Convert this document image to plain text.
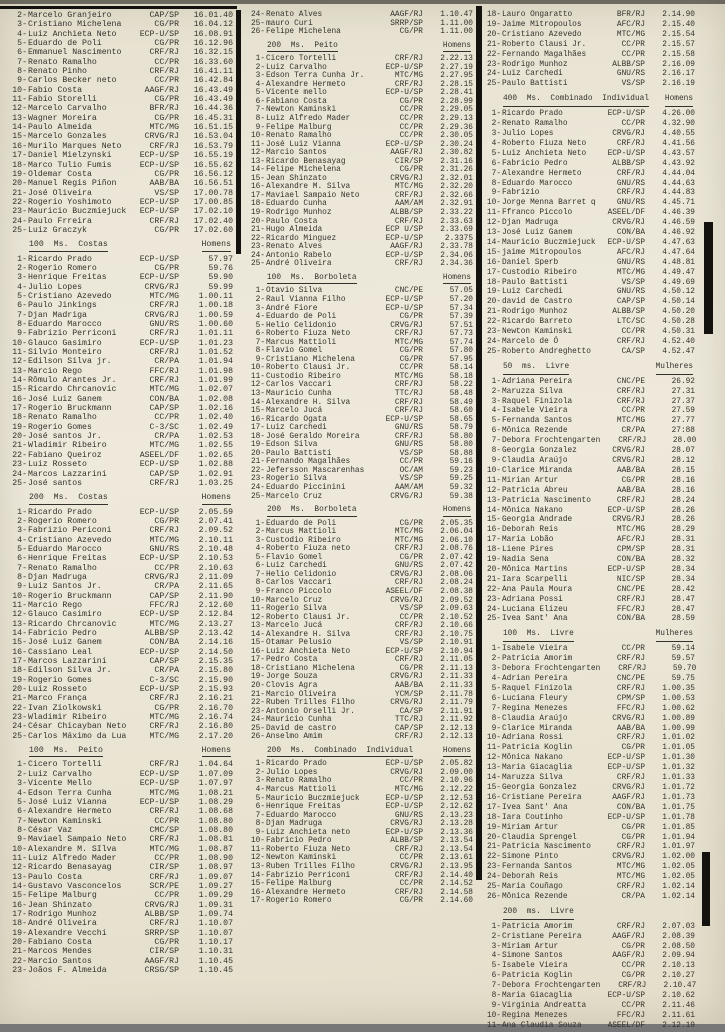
2- Marcelo Granjeiro	CAP/SP	16.01.40
3- Cristiano Michelena	CG/PR	16.04.12
4- Luiz Anchieta Neto	ECP-U/SP	16.08.91
5- Eduardo de Poli	CG/PR	16.12.96
6- Emmanuel Nascimento	CRF/RJ	16.32.15
7- Renato Ramalho	CC/PR	16.33.60
8- Renato Pinho	CRF/RJ	16.41.11
9- Carlos Becker neto	CC/PR	16.42.84
10- Fabio Costa	AAGF/RJ	16.43.49
11- Fabio Storelli	CG/PR	16.43.49
12- Marcelo Carvalho	BFR/RJ	16.44.36
13- Wagner Moreira	CG/PR	16.45.31
14- Paulo Almeida	MTC/MG	16.51.15
15- Marcelo Gonzales	CRVG/RJ	16.53.04
16- Murilo Marques Neto	CRF/RJ	16.53.79
17- Daniel Mielzynski	ECP-U/SP	16.55.19
18- Marco Tulio Fumis	ECP-U/SP	16.55.62
19- Oldemar Costa	CG/PR	16.56.12
20- Manuel Regis Piñon	AAB/BA	16.56.51
21- José Oliveira	VS/SP	17.00.78
22- Rogerio Yoshimoto	ECP-U/SP	17.00.85
23- Mauricio Buczmiejuck	ECP-U/SP	17.02.10
24- Paulo Frreira	CRF/RJ	17.02.40
25- Luiz Graczyk	CG/PR	17.02.60
100 Ms. Costas	Homens
1- Ricardo Prado	ECP-U/SP	57.97
2- Rogerio Romero	CG/PR	59.76
3- Henrique Freitas	ECP-U/SP	59.90
4- Julio Lopes	CRVG/RJ	59.99
5- Cristiano Azevedo	MTC/MG	1.00.11
6- Paulo Jinkings	CRF/RJ	1.00.18
7- Djan Madriga	CRVG/RJ	1.00.59
8- Eduardo Marocco	GNU/RS	1.00.60
9- Fabrizio Perriconi	CRF/RJ	1.01.11
10- Glauco Gasimiro	ECP-U/SP	1.01.23
11- Silvio Monteiro	CRF/RJ	1.01.52
12- Edilson Silva jr.	CR/PA	1.01.94
13- Marcio Rego	FFC/RJ	1.01.98
14- Rômulo Arantes Jr.	CRF/RJ	1.01.99
15- Ricardo Chrcanovic	MTC/MG	1.02.07
16- José Luiz Ganem	CON/BA	1.02.08
17- Rogerio Bruckmann	CAP/SP	1.02.16
18- Renato Ramalho	CC/PR	1.02.40
19- Rogerio Gomes	C-3/SC	1.02.49
20- José santos Jr.	CR/PA	1.02.53
21- Wladimir Ribeiro	MTC/MG	1.02.55
22- Fabiano Queiroz	ASEEL/DF	1.02.65
23- Luiz Rosseto	ECP-U/SP	1.02.88
24- Marcos Lazzarini	CAP/SP	1.02.91
25- José santos	CRF/RJ	1.03.25
200 Ms. Costas	Homens
1- Ricardo Prado	ECP-U/SP	2.05.59
2- Rogerio Romero	CG/PR	2.07.41
3- Fabrizio Periconi	CRF/RJ	2.09.52
4- Cristiano Azevedo	MTC/MG	2.10.11
5- Eduardo Marocco	GNU/RS	2.10.48
6- Henrique Freitas	ECP-U/SP	2.10.53
7- Renato Ramalho	CC/PR	2.10.63
8- Djan Madruga	CRVG/RJ	2.11.09
9- Luiz Santos Jr.	CR/PA	2.11.65
10- Rogerio Bruckmann	CAP/SP	2.11.90
11- Marcio Rego	FFC/RJ	2.12.60
12- Glauco Casimiro	ECP-U/SP	2.12.84
13- Ricardo Chrcanovic	MTC/MG	2.13.27
14- Fabricio Pedro	ALBB/SP	2.13.42
15- José Luiz Ganem	CON/BA	2.14.16
16- Cassiano Leal	ECP-U/SP	2.14.50
17- Marcos Lazzarini	CAP/SP	2.15.35
18- Edilson Silva Jr.	CR/PA	2.15.80
19- Rogerio Gomes	C-3/SC	2.15.90
20- Luiz Rosseto	ECP-U/SP	2.15.93
21- Marco França	CRF/RJ	2.16.21
22- Ivan Ziolkowski	CG/PR	2.16.70
23- Wladimir Ribeiro	MTC/MG	2.16.74
24- César Chicayban Neto	CRF/RJ	2.16.80
25- Carlos Máximo da Lua	MTC/MG	2.17.20
100 Ms. Peito	Homens
1- Cicero Tortelli	CRF/RJ	1.04.64
2- Luiz Carvalho	ECP-U/SP	1.07.09
3- Vicente Mello	ECP-U/SP	1.07.97
4- Edson Terra Cunha	MTC/MG	1.08.21
5- José Luiz Vianna	ECP-U/SP	1.08.29
6- Alexandre Hermeto	CRF/RJ	1.08.68
7- Newton Kaminski	CC/PR	1.08.80
8- César Vaz	CMC/SP	1.08.80
9- Maviael Sampaio Neto	CRF/RJ	1.08.81
10- Alexandre M. SIlva	MTC/MG	1.08.87
11- Luiz Alfredo Mader	CC/PR	1.08.90
12- Ricardo Benasayag	CIR/SP	1.08.97
13- Paulo Costa	CRF/RJ	1.09.07
14- Gustavo Vasconcelos	SCR/PE	1.09.27
15- Felipe Malburg	CC/PR	1.09.29
16- Jean Shinzato	CRVG/RJ	1.09.31
17- Rodrigo Munhoz	ALBB/SP	1.09.74
18- André Oliveira	CRF/RJ	1.10.07
19- Alexandre Vecchi	SRRP/SP	1.10.07
20- Fabiano Costa	CG/PR	1.10.17
21- Marcos Mendes	CIR/SP	1.10.31
22- Marcio Santos	AAGF/RJ	1.10.45
23- Joãos F. Almeida	CRSG/SP	1.10.45
24- Renato Alves	AAGF/RJ	1.10.47
25- mauro Curi	SRRP/SP	1.11.00
26- Felipe Michelena	CG/PR	1.11.00
200 Ms. Peito	Homens
1- Cicero Tortelli	CRF/RJ	2.22.13
2- Luiz Carvalho	ECP-U/SP	2.27.19
3- Edson Terra Cunha Jr.	MTC/MG	2.27.95
4- Alexandre Hermeto	CRF/RJ	2.28.15
5- Vicente mello	ECP-U/SP	2.28.41
6- Fabiano Costa	CG/PR	2.28.99
7- Newton Kaminski	CC/PR	2.29.05
8- Luiz Alfredo Mader	CC/PR	2.29.13
9- Felipe Malburg	CC/PR	2.29.36
10- Renato Ramalho	CC/PR	2.30.05
11- José Luiz Vianna	ECP-U/SP	2.30.24
12- Marcio Santos	AAGF/RJ	2.30.82
13- Ricardo Benasayag	CIR/SP	2.31.16
14- Felipe Michelena	CG/PR	2.31.26
15- Jean Shinzato	CRVG/RJ	2.32.01
16- Alexandre M. Silva	MTC/MG	2.32.20
17- Maviael Sampaio Neto	CRF/RJ	2.32.66
18- Eduardo Cunha	AAM/AM	2.32.91
19- Rodrigo Munhoz	ALBB/SP	2.33.22
20- Paulo Costa	CRF/RJ	2.33.63
21- Hugo Almeida	ECP U/SP	2.33.69
22- Ricardo Minguez	ECP-U/SP	2.3375
23- Renato Alves	AAGF/RJ	2.33.78
24- Antonio Rabelo	ECP-U/SP	2.34.06
25- André Oliveira	CRF/RJ	2.34.36
100 Ms. Borboleta	Homens
1- Otavio Silva	CNC/PE	57.05
2- Raul Vianna Filho	ECP-U/SP	57.20
3- André Fiore	ECP-U/SP	57.34
4- Eduardo de Poli	CG/PR	57.39
5- Helio Celidonio	CRVG/RJ	57.51
6- Roberto Fiuza Neto	CRF/RJ	57.73
7- Marcus Mattioli	MTC/MG	57.74
8- Flavio Gomel	CG/PR	57.80
9- Cristiano Michelena	CG/PR	57.95
10- Roberto Clausi Jr.	CC/PR	58.14
11- Custodio Ribeiro	MTC/MG	58.18
12- Carlos Vaccari	CRF/RJ	58.22
13- Mauricio Cunha	TTC/RJ	58.48
14- Alexandre H. Silva	CRF/RJ	58.49
15- Marcelo Jucá	CRF/RJ	58.60
16- Ricardo Ogata	ECP-U/SP	58.65
17- Luiz Carchedi	GNU/RS	58.79
18- José Geraldo Moreira	CRF/RJ	58.80
19- Edson Silva	GNU/RS	58.80
20- Paulo Battisti	VS/SP	58.88
21- Fernando Magalhães	CC/PR	59.16
22- Jefersson Mascarenhas	OC/AM	59.23
23- Rogerio Silva	VS/SP	59.25
24- Eduardo Piccinini	AAM/AM	59.32
25- Marcelo Cruz	CRVG/RJ	59.38
200 Ms. Borboleta	Homens
1- Eduardo de Poli	CG/PR	2.05.35
2- Marcus Mattioli	MTC/MG	2.06.04
3- Custodio Ribeiro	MTC/MG	2.06.10
4- Roberto Fiuza neto	CRF/RJ	2.08.76
5- Flavio Gomel	CG/PR	2.07.42
6- Luiz Carchedi	GNU/RS	2.07.42
7- Helio Celidonio	CRVG/RJ	2.08.06
8- Carlos Vaccari	CRF/RJ	2.08.24
9- Franco Piccolo	ASEEL/DF	2.08.38
10- Marcelo Cruz	CRVG/RJ	2.09.52
11- Rogerio Silva	VS/SP	2.09.63
12- Roberto Clausi Jr.	CC/PR	2.10.52
13- Marcelo Jucá	CRF/RJ	2.10.66
14- Alexandre H. Silva	CRF/RJ	2.10.75
15- Otamar Pelusio	VS/SP	2.10.91
16- Luiz Anchieta Neto	ECP-U/SP	2.10.94
17- Pedro Costa	CRF/RJ	2.11.05
18- Cristiano Michelena	CG/PR	2.11.13
19- Jorge Souza	CRVG/RJ	2.11.33
20- Clovis Agra	AAB/BA	2.11.33
21- Marcio Oliveira	YCM/SP	2.11.78
22- Ruben Trilles Filho	CRVG/RJ	2.11.79
23- Antonio Orselli Jr.	CA/SP	2.11.91
24- Mauricio Cunha	TTC/RJ	2.11.92
25- David de castro	CAP/SP	2.12.13
26- Anselmo Amim	CRF/RJ	2.12.13
200 Ms. Combinado Individual	Homens
1- Ricardo Prado	ECP-U/SP	2.05.82
2- Julio Lopes	CRVG/RJ	2.09.00
3- Renato Ramalho	CC/PR	2.10.96
4- Marcus Mattioli	MTC/MG	2.12.22
5- Mauricio Buczmiejuck	ECP-U/SP	2.12.53
6- Henrique Freitas	ECP-U/SP	2.12.62
7- Eduardo Marocco	GNU/RS	2.13.23
8- Djan Madruga	CRVG/RJ	2.13.28
9- Luiz Anchieta neto	ECP-U/SP	2.13.36
10- Fabricio Pedro	ALBB/SP	2.13.54
11- Roberto Fiuza Neto	CRF/RJ	2.13.54
12- Newton Kaminski	CC/PR	2.13.61
13- Ruben Trilles Filho	CRVG/RJ	2.13.95
14- Fabrizio Perriconi	CRF/RJ	2.14.40
15- Felipe Malburg	CC/PR	2.14.52
16- Alexandre Hermeto	CRF/RJ	2.14.58
17- Rogerio Romero	CG/PR	2.14.60
18- Lauro Ongaratto	BFR/RJ	2.14.90
19- Jaime Mitropoulos	AFC/RJ	2.15.40
20- Cristiano Azevedo	MTC/MG	2.15.54
21- Roberto Clausi Jr.	CC/PR	2.15.57
22- Fernando Magalhães	CC/PR	2.15.58
23- Rodrigo Munhoz	ALBB/SP	2.16.09
24- Luiz Carchedi	GNU/RS	2.16.17
25- Paulo Battisti	VS/SP	2.16.19
400 Ms. Combinado Individual Homens
1- Ricardo Prado	ECP-U/SP	4.26.00
2- Renato Ramalho	CC/PR	4.32.90
3- Julio Lopes	CRVG/RJ	4.40.55
4- Roberto Fiuza Neto	CRF/RJ	4.41.56
5- Luiz Anchieta Neto	ECP-U/SP	4.43.57
6- Fabricio Pedro	ALBB/SP	4.43.92
7- Alexandre Hermeto	CRF/RJ	4.44.04
8- Eduardo Marocco	GNU/RS	4.44.63
9- Fabrizio	CRF/RJ	4.44.83
10- Jorge Menna Barret q	GNU/RS	4.45.71
11- Ffranco Piccolo	ASEEL/DF	4.46.39
12- Djan Madruga	CRVG/RJ	4.46.59
13- José Luiz Ganem	CON/BA	4.46.92
14- Mauricio Buczmiejuck	ECP-U/SP	4.47.63
15- jaime Mitropoulos	AFC/RJ	4.47.64
16- Daniel Sperb	GNU/RS	4.48.81
17- Custodio Ribeiro	MTC/MG	4.49.47
18- Paulo Battisti	VS/SP	4.49.69
19- Luiz Carchedi	GNU/RS	4.50.12
20- david de Castro	CAP/SP	4.50.14
21- Rodrigo Munhoz	ALBB/SP	4.50.20
22- Ricardo Barreto	LTC/SC	4.50.28
23- Newton Kaminski	CC/PR	4.50.31
24- Marcelo de Ó	CRF/RJ	4.52.40
25- Roberto Andreghetto	CA/SP	4.52.47
50 ms. Livre	Mulheres
1- Adriana Pereira	CNC/PE	26.92
2- Maruzza Silva	CRF/RJ	27.31
3- Raquel Finizola	CRF/RJ	27.37
4- Isabele Vieira	CC/PR	27.59
5- Fernanda Santos	MTC/MG	27.77
6- Mônica Rezende	CR/PA	27:88
7- Debora Frochtengarten	CRF/RJ	28.00
8- Georgia Gonzalez	CRVG/RJ	28.07
9- Claudia Araújo	CRVG/RJ	28.12
10- Clarice Miranda	AAB/BA	28.15
11- Mirian Artur	CG/PR	28.16
12- Patricia Abreu	AAB/BA	28.16
13- Patricia Nascimento	CRF/RJ	28.24
14- Mônica Nakano	ECP-U/SP	28.26
15- Georgia Andrade	CRVG/RJ	28.26
16- Deborah Reis	MTC/MG	28.29
17- Maria Lobão	AFC/RJ	28.31
18- Liene Pires	CPM/SP	28.31
19- Nadia Sena	CON/BA	28.32
20- Mônica Martins	ECP-U/SP	28.34
21- Iara Scarpelli	NIC/SP	28.34
22- Ana Paula Moura	CNC/PE	28.42
23- Adriana Possi	CRF/RJ	28.47
24- Luciana Elizeu	FFC/RJ	28.47
25- Ivea Sant' Ana	CON/BA	28.59
100 Ms. Livre	Mulheres
1- Isabele Vieira	CC/PR	59.14
2- Patricia Amorim	CRF/RJ	59.57
3- Debora Frochtengarten	CRF/RJ	59.70
4- Adrian Pereira	CNC/PE	59.75
5- Raquel Finizola	CRF/RJ	1.00.35
6- Luciana Fleury	CPM/SP	1.00.53
7- Regina Menezes	FFC/RJ	1.00.62
8- Claudia Araújo	CRVG/RJ	1.00.89
9- Clarice Miranda	AAB/BA	1.00.99
10- Adriana Rossi	CRF/RJ	1.01.02
11- Patricia Koglin	CG/PR	1.01.05
12- Mônica Nakano	ECP-U/SP	1.01.30
13- Maria Giacaglia	ECP-U/SP	1.01.32
14- Maruzza Silva	CRF/RJ	1.01.33
15- Georgia Gonzalez	CRVG/RJ	1.01.72
16- Cristiane Pereira	AAGF/RJ	1.01.73
17- Ivea Sant' Ana	CON/BA	1.01.75
18- Iara Coutinho	ECP-U/SP	1.01.78
19- Miriam Artur	CG/PR	1.01.85
20- Claudia Sprengel	CG/PR	1.01.94
21- Patricia Nascimento	CRF/RJ	1.01.97
22- Simone Pinto	CRVG/RJ	1.02.00
23- Fernanda Santos	MTC/MG	1.02.05
24- Deborah Reis	MTC/MG	1.02.05
25- Maria Couñago	CRF/RJ	1.02.14
26- Mônica Rezende	CR/PA	1.02.14
200 ms. Livre
1- Patricia Amorim	CRF/RJ	2.07.03
2- Cristiane Pereira	AAGF/RJ	2.08.39
3- Miriam Artur	CG/PR	2.08.50
4- Simone Santos	AAGF/RJ	2.09.94
5- Isabele Vieira	CC/PR	2.10.13
6- Patricia Koglin	CG/PR	2.10.27
7- Debora Frochtengarten	CRF/RJ	2.10.47
8- Maria Giacaglia	ECP-U/SP	2.10.62
9- Virginia Andreatta	CC/PR	2.11.46
10- Regina Menezes	FFC/RJ	2.11.61
11- Ana Claudia Souza	ASEEL/DF	2.12.19
